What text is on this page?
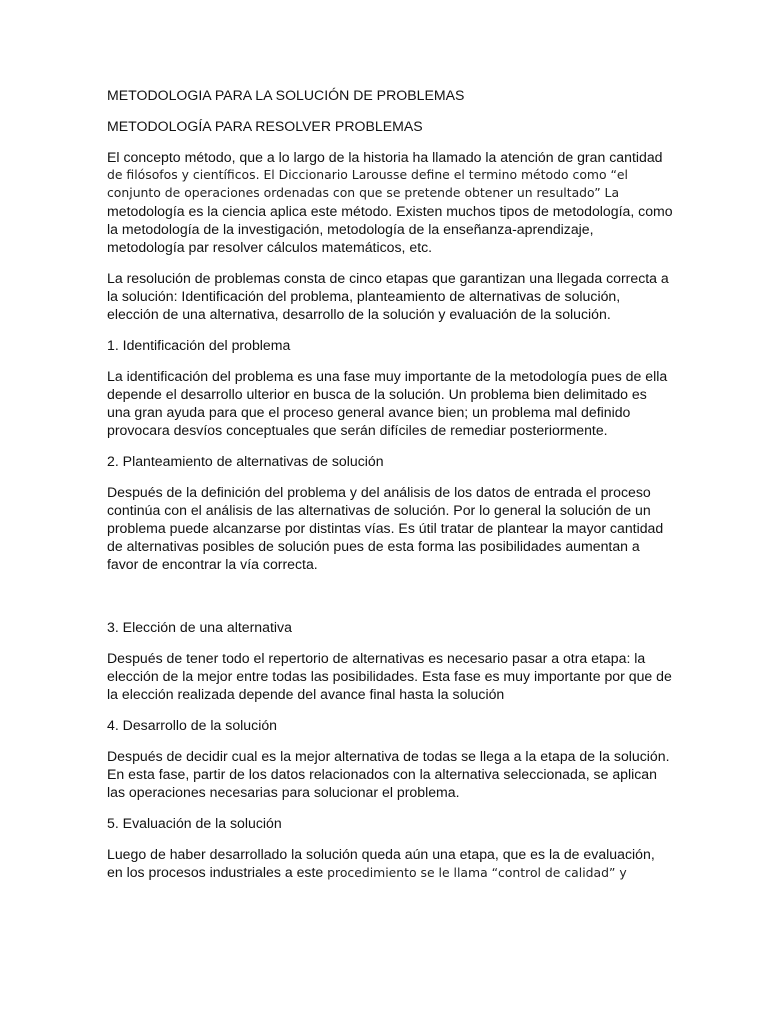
METODOLOGIA PARA LA SOLUCIÓN DE PROBLEMAS
METODOLOGÍA PARA RESOLVER PROBLEMAS
El concepto método, que a lo largo de la historia ha llamado la atención de gran cantidad
de filósofos y científicos. El Diccionario Larousse define el termino método como “el
conjunto de operaciones ordenadas con que se pretende obtener un resultado” La
metodología es la ciencia aplica este método. Existen muchos tipos de metodología, como
la metodología de la investigación, metodología de la enseñanza-aprendizaje,
metodología par resolver cálculos matemáticos, etc.
La resolución de problemas consta de cinco etapas que garantizan una llegada correcta a
la solución: Identificación del problema, planteamiento de alternativas de solución,
elección de una alternativa, desarrollo de la solución y evaluación de la solución.
1. Identificación del problema
La identificación del problema es una fase muy importante de la metodología pues de ella
depende el desarrollo ulterior en busca de la solución. Un problema bien delimitado es
una gran ayuda para que el proceso general avance bien; un problema mal definido
provocara desvíos conceptuales que serán difíciles de remediar posteriormente.
2. Planteamiento de alternativas de solución
Después de la definición del problema y del análisis de los datos de entrada el proceso
continúa con el análisis de las alternativas de solución. Por lo general la solución de un
problema puede alcanzarse por distintas vías. Es útil tratar de plantear la mayor cantidad
de alternativas posibles de solución pues de esta forma las posibilidades aumentan a
favor de encontrar la vía correcta.
3. Elección de una alternativa
Después de tener todo el repertorio de alternativas es necesario pasar a otra etapa: la
elección de la mejor entre todas las posibilidades. Esta fase es muy importante por que de
la elección realizada depende del avance final hasta la solución
4. Desarrollo de la solución
Después de decidir cual es la mejor alternativa de todas se llega a la etapa de la solución.
En esta fase, partir de los datos relacionados con la alternativa seleccionada, se aplican
las operaciones necesarias para solucionar el problema.
5. Evaluación de la solución
Luego de haber desarrollado la solución queda aún una etapa, que es la de evaluación,
en los procesos industriales a este procedimiento se le llama “control de calidad” y
